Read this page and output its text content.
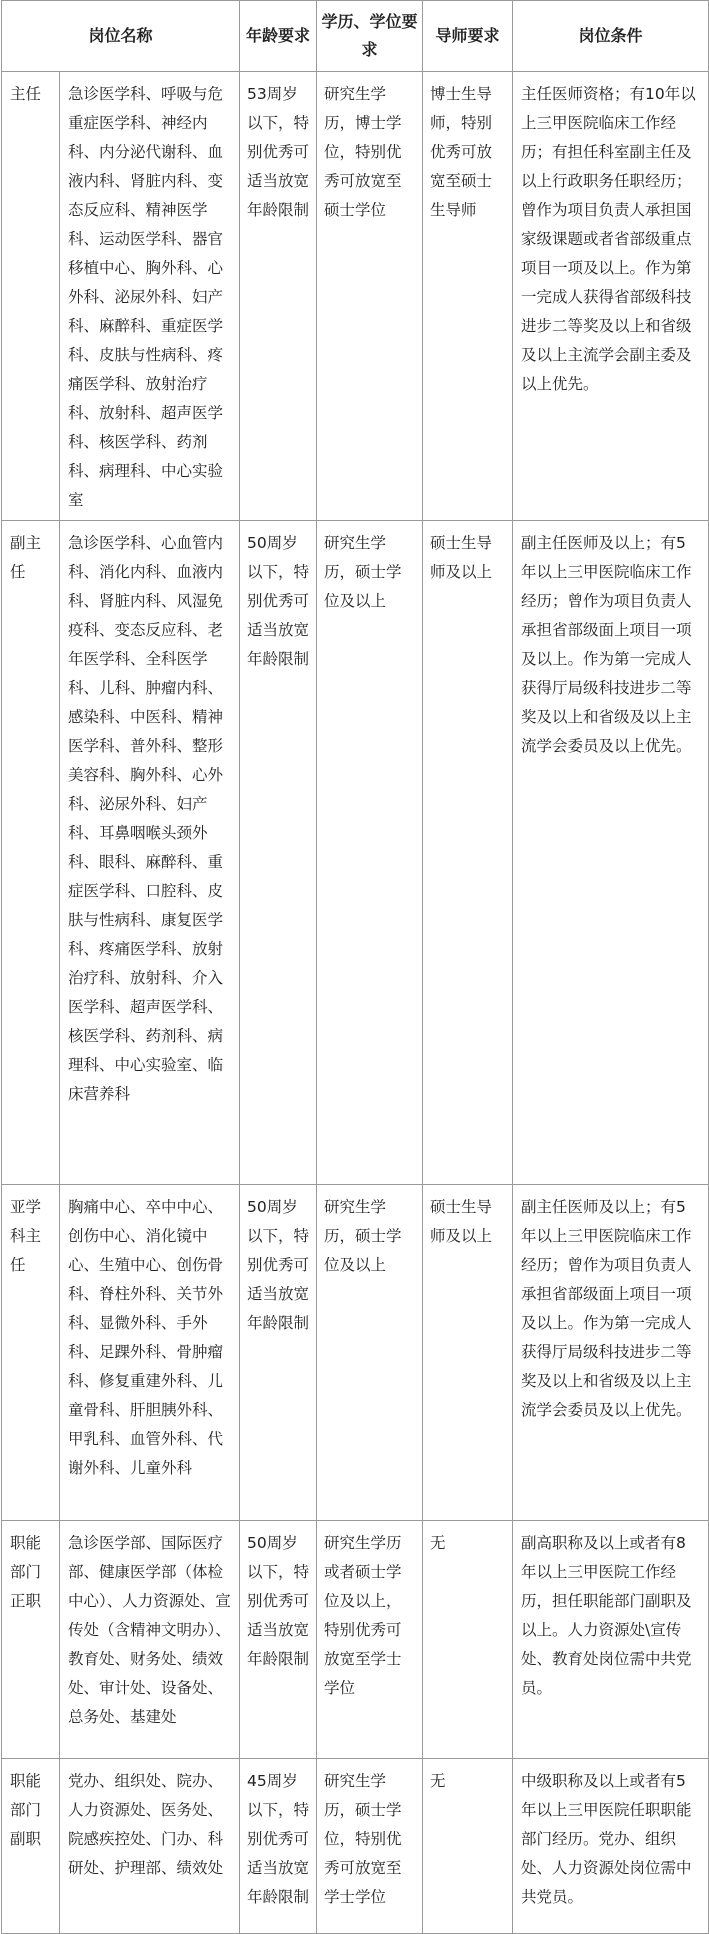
岗位名称		年龄要求	学历、学位要求	导师要求	岗位条件
主任	急诊医学科、呼吸与危重症医学科、神经内科、内分泌代谢科、血液内科、肾脏内科、变态反应科、精神医学科、运动医学科、器官移植中心、胸外科、心外科、泌尿外科、妇产科、麻醉科、重症医学科、皮肤与性病科、疼痛医学科、放射治疗科、放射科、超声医学科、核医学科、药剂科、病理科、中心实验室	53周岁以下，特别优秀可适当放宽年龄限制	研究生学历，博士学位，特别优秀可放宽至硕士学位	博士生导师，特别优秀可放宽至硕士生导师	主任医师资格；有10年以上三甲医院临床工作经历；有担任科室副主任及以上行政职务任职经历；曾作为项目负责人承担国家级课题或者省部级重点项目一项及以上。作为第一完成人获得省部级科技进步二等奖及以上和省级及以上主流学会副主委及以上优先。
副主任	急诊医学科、心血管内科、消化内科、血液内科、肾脏内科、风湿免疫科、变态反应科、老年医学科、全科医学科、儿科、肿瘤内科、感染科、中医科、精神医学科、普外科、整形美容科、胸外科、心外科、泌尿外科、妇产科、耳鼻咽喉头颈外科、眼科、麻醉科、重症医学科、口腔科、皮肤与性病科、康复医学科、疼痛医学科、放射治疗科、放射科、介入医学科、超声医学科、核医学科、药剂科、病理科、中心实验室、临床营养科	50周岁以下，特别优秀可适当放宽年龄限制	研究生学历，硕士学位及以上	硕士生导师及以上	副主任医师及以上；有5年以上三甲医院临床工作经历；曾作为项目负责人承担省部级面上项目一项及以上。作为第一完成人获得厅局级科技进步二等奖及以上和省级及以上主流学会委员及以上优先。
亚学科主任	胸痛中心、卒中中心、创伤中心、消化镜中心、生殖中心、创伤骨科、脊柱外科、关节外科、显微外科、手外科、足踝外科、骨肿瘤科、修复重建外科、儿童骨科、肝胆胰外科、甲乳科、血管外科、代谢外科、儿童外科	50周岁以下，特别优秀可适当放宽年龄限制	研究生学历，硕士学位及以上	硕士生导师及以上	副主任医师及以上；有5年以上三甲医院临床工作经历；曾作为项目负责人承担省部级面上项目一项及以上。作为第一完成人获得厅局级科技进步二等奖及以上和省级及以上主流学会委员及以上优先。
职能部门正职	急诊医学部、国际医疗部、健康医学部（体检中心）、人力资源处、宣传处（含精神文明办）、教育处、财务处、绩效处、审计处、设备处、总务处、基建处	50周岁以下，特别优秀可适当放宽年龄限制	研究生学历或者硕士学位及以上，特别优秀可放宽至学士学位	无	副高职称及以上或者有8年以上三甲医院工作经历，担任职能部门副职及以上。人力资源处\宣传处、教育处岗位需中共党员。
职能部门副职	党办、组织处、院办、人力资源处、医务处、院感疾控处、门办、科研处、护理部、绩效处	45周岁以下，特别优秀可适当放宽年龄限制	研究生学历，硕士学位，特别优秀可放宽至学士学位	无	中级职称及以上或者有5年以上三甲医院任职职能部门经历。党办、组织处、人力资源处岗位需中共党员。
